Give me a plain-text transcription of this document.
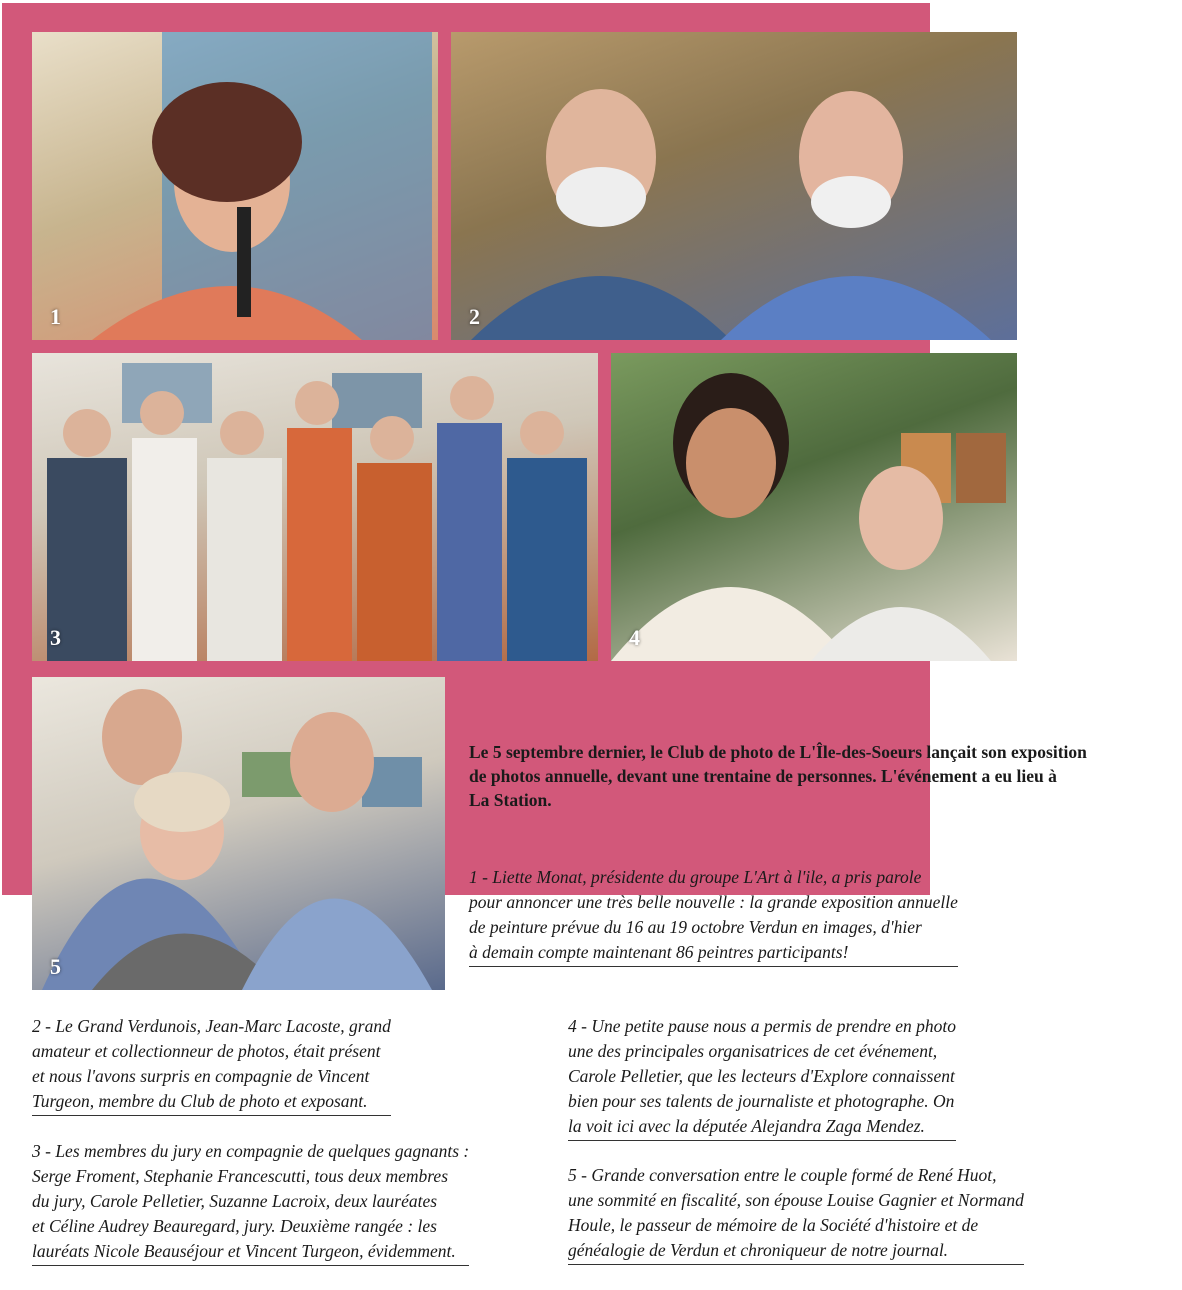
1	2
3	4
5
Le 5 septembre dernier, le Club de photo de L'Île-des-Soeurs lançait son exposition
de photos annuelle, devant une trentaine de personnes. L'événement a eu lieu à
La Station.
1 - Liette Monat, présidente du groupe L'Art à l'ile, a pris parole
pour annoncer une très belle nouvelle : la grande exposition annuelle
de peinture prévue du 16 au 19 octobre Verdun en images, d'hier
à demain compte maintenant 86 peintres participants!
2 - Le Grand Verdunois, Jean-Marc Lacoste, grand
amateur et collectionneur de photos, était présent
et nous l'avons surpris en compagnie de Vincent
Turgeon, membre du Club de photo et exposant.
3 - Les membres du jury en compagnie de quelques gagnants :
Serge Froment, Stephanie Francescutti, tous deux membres
du jury, Carole Pelletier, Suzanne Lacroix, deux lauréates
et Céline Audrey Beauregard, jury. Deuxième rangée : les
lauréats Nicole Beauséjour et Vincent Turgeon, évidemment.
4 - Une petite pause nous a permis de prendre en photo
une des principales organisatrices de cet événement,
Carole Pelletier, que les lecteurs d'Explore connaissent
bien pour ses talents de journaliste et photographe. On
la voit ici avec la députée Alejandra Zaga Mendez.
5 - Grande conversation entre le couple formé de René Huot,
une sommité en fiscalité, son épouse Louise Gagnier et Normand
Houle, le passeur de mémoire de la Société d'histoire et de
généalogie de Verdun et chroniqueur de notre journal.
